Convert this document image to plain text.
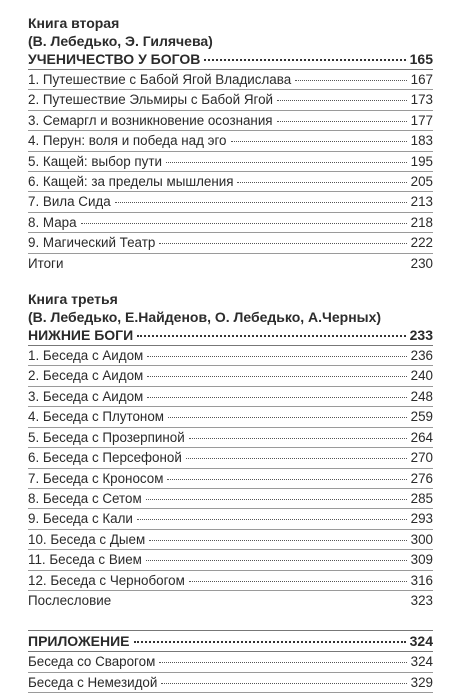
Книга вторая
(В. Лебедько, Э. Гилячева)
УЧЕНИЧЕСТВО У БОГОВ	165
1. Путешествие с Бабой Ягой Владислава	167
2. Путешествие Эльмиры с Бабой Ягой	173
3. Семаргл и возникновение осознания	177
4. Перун: воля и победа над эго	183
5. Кащей: выбор пути	195
6. Кащей: за пределы мышления	205
7. Вила Сида	213
8. Мара	218
9. Магический Театр	222
Итоги	230
Книга третья
(В. Лебедько, Е.Найденов, О. Лебедько, А.Черных)
НИЖНИЕ БОГИ	233
1. Беседа с Аидом	236
2. Беседа с Аидом	240
3. Беседа с Аидом	248
4. Беседа с Плутоном	259
5. Беседа с Прозерпиной	264
6. Беседа с Персефоной	270
7. Беседа с Кроносом	276
8. Беседа с Сетом	285
9. Беседа с Кали	293
10. Беседа с Дыем	300
11. Беседа с Вием	309
12. Беседа с Чернобогом	316
Послесловие	323
ПРИЛОЖЕНИЕ	324
Беседа со Сварогом	324
Беседа с Немезидой	329
